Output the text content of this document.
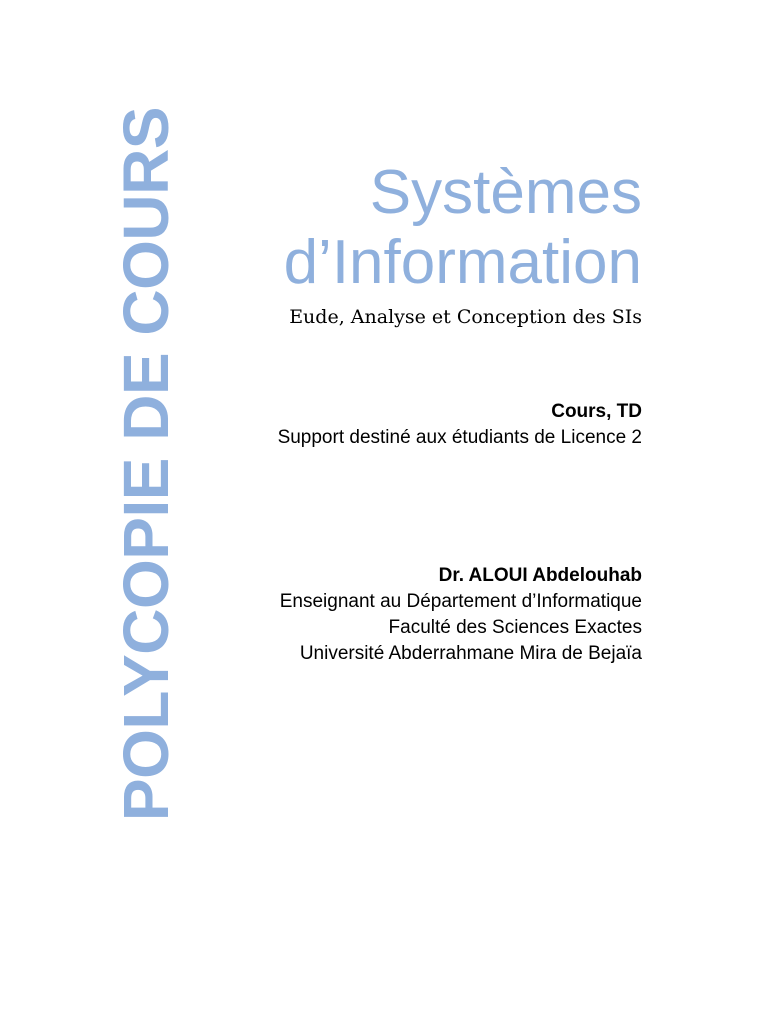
POLYCOPIE DE COURS	Systèmes
d’Information
Eude, Analyse et Conception des SIs
Cours, TD
Support destiné aux étudiants de Licence 2
Dr. ALOUI Abdelouhab
Enseignant au Département d’Informatique
Faculté des Sciences Exactes
Université Abderrahmane Mira de Bejaïa
